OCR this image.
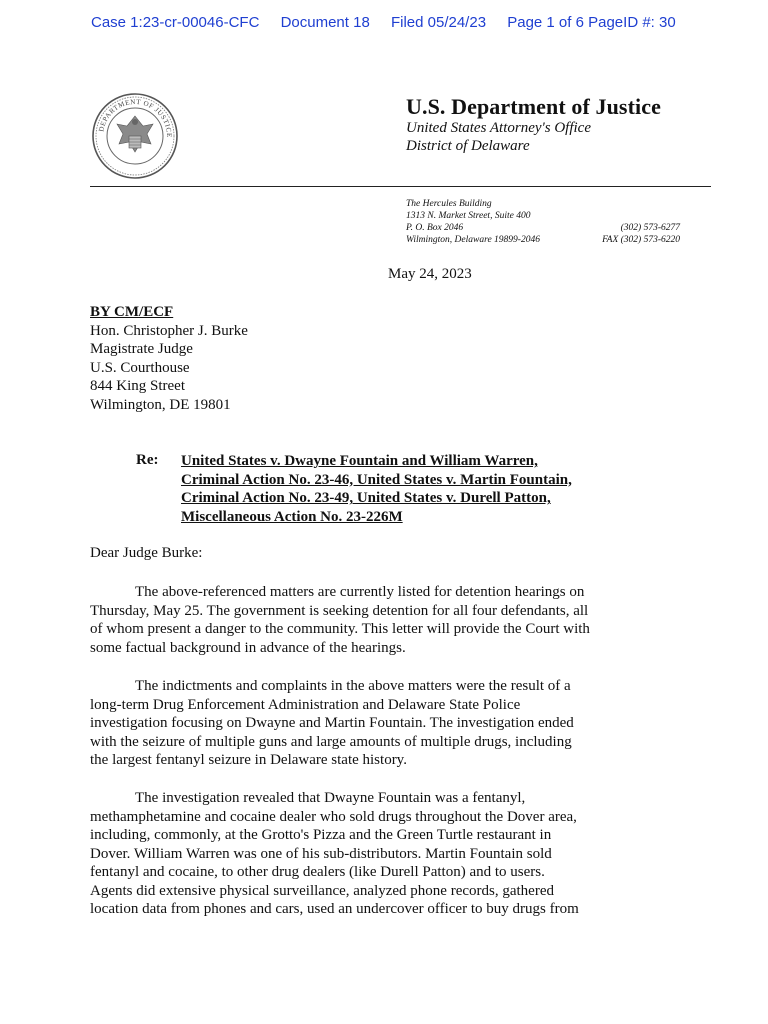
Case 1:23-cr-00046-CFC Document 18 Filed 05/24/23 Page 1 of 6 PageID #: 30
DEPARTMENT OF JUSTICE
U.S. Department of Justice
United States Attorney's Office
District of Delaware
The Hercules Building
1313 N. Market Street, Suite 400
P. O. Box 2046	(302) 573-6277
Wilmington, Delaware 19899-2046	FAX (302) 573-6220
May 24, 2023
BY CM/ECF
Hon. Christopher J. Burke
Magistrate Judge
U.S. Courthouse
844 King Street
Wilmington, DE 19801
Re: United States v. Dwayne Fountain and William Warren,
Criminal Action No. 23-46, United States v. Martin Fountain,
Criminal Action No. 23-49, United States v. Durell Patton,
Miscellaneous Action No. 23-226M
Dear Judge Burke:
The above-referenced matters are currently listed for detention hearings on
Thursday, May 25. The government is seeking detention for all four defendants, all
of whom present a danger to the community. This letter will provide the Court with
some factual background in advance of the hearings.
The indictments and complaints in the above matters were the result of a
long-term Drug Enforcement Administration and Delaware State Police
investigation focusing on Dwayne and Martin Fountain. The investigation ended
with the seizure of multiple guns and large amounts of multiple drugs, including
the largest fentanyl seizure in Delaware state history.
The investigation revealed that Dwayne Fountain was a fentanyl,
methamphetamine and cocaine dealer who sold drugs throughout the Dover area,
including, commonly, at the Grotto's Pizza and the Green Turtle restaurant in
Dover. William Warren was one of his sub-distributors. Martin Fountain sold
fentanyl and cocaine, to other drug dealers (like Durell Patton) and to users.
Agents did extensive physical surveillance, analyzed phone records, gathered
location data from phones and cars, used an undercover officer to buy drugs from
